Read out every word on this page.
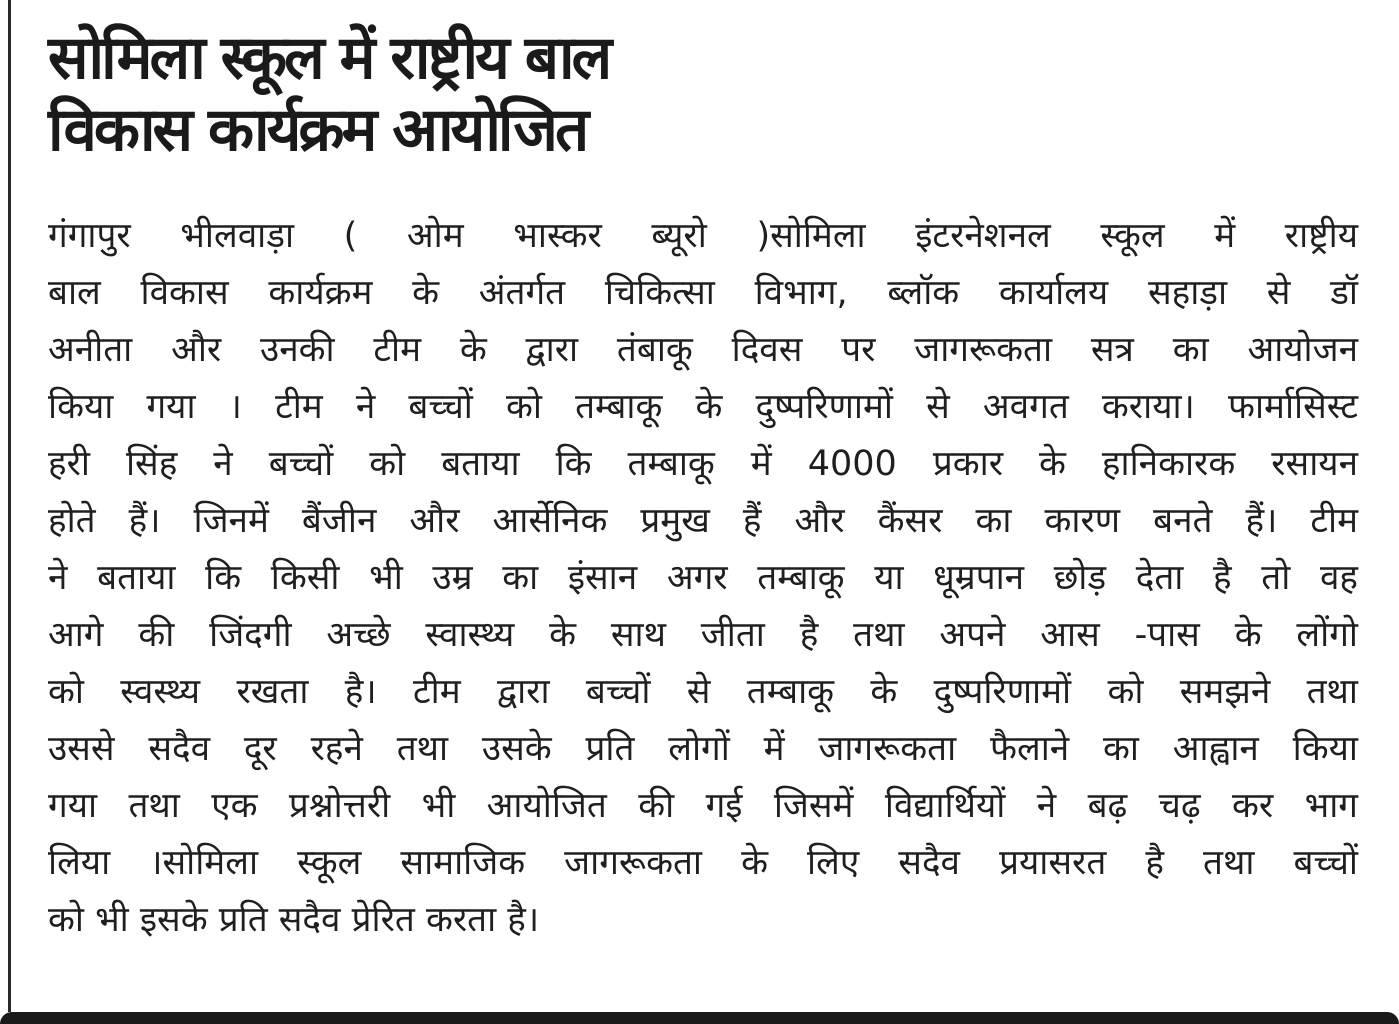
सोमिला स्कूल में राष्ट्रीय बाल
विकास कार्यक्रम आयोजित
गंगापुर भीलवाड़ा ( ओम भास्कर ब्यूरो )सोमिला इंटरनेशनल स्कूल में राष्ट्रीय
बाल विकास कार्यक्रम के अंतर्गत चिकित्सा विभाग, ब्लॉक कार्यालय सहाड़ा से डॉ
अनीता और उनकी टीम के द्वारा तंबाकू दिवस पर जागरूकता सत्र का आयोजन
किया गया । टीम ने बच्चों को तम्बाकू के दुष्परिणामों से अवगत कराया। फार्मासिस्ट
हरी सिंह ने बच्चों को बताया कि तम्बाकू में 4000 प्रकार के हानिकारक रसायन
होते हैं। जिनमें बैंजीन और आर्सेनिक प्रमुख हैं और कैंसर का कारण बनते हैं। टीम
ने बताया कि किसी भी उम्र का इंसान अगर तम्बाकू या धूम्रपान छोड़ देता है तो वह
आगे की जिंदगी अच्छे स्वास्थ्य के साथ जीता है तथा अपने आस -पास के लोंगो
को स्वस्थ्य रखता है। टीम द्वारा बच्चों से तम्बाकू के दुष्परिणामों को समझने तथा
उससे सदैव दूर रहने तथा उसके प्रति लोगों में जागरूकता फैलाने का आह्वान किया
गया तथा एक प्रश्नोत्तरी भी आयोजित की गई जिसमें विद्यार्थियों ने बढ़ चढ़ कर भाग
लिया ।सोमिला स्कूल सामाजिक जागरूकता के लिए सदैव प्रयासरत है तथा बच्चों
को भी इसके प्रति सदैव प्रेरित करता है।
